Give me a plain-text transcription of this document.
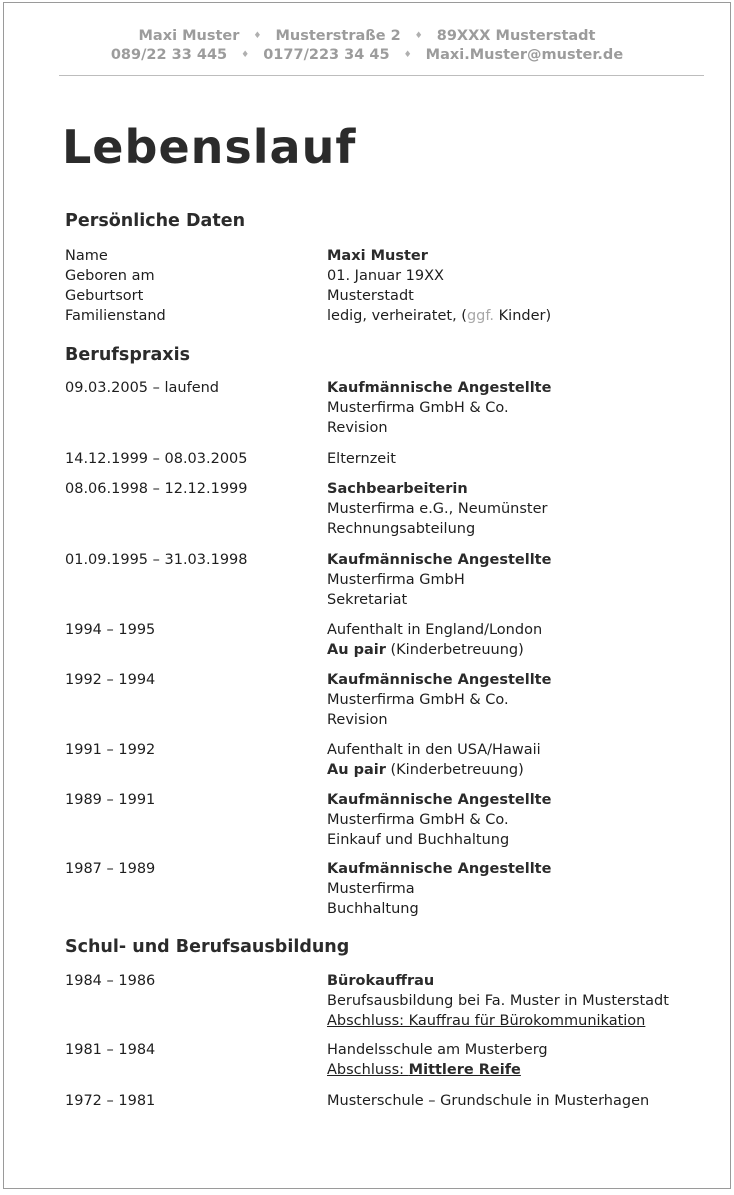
Maxi Muster ♦ Musterstraße 2 ♦ 89XXX Musterstadt
089/22 33 445 ♦ 0177/223 34 45 ♦ Maxi.Muster@muster.de
Lebenslauf
Persönliche Daten
Name	Maxi Muster
Geboren am	01. Januar 19XX
Geburtsort	Musterstadt
Familienstand	ledig, verheiratet, (ggf. Kinder)
Berufspraxis
09.03.2005 – laufend	Kaufmännische Angestellte
Musterfirma GmbH & Co.
Revision
14.12.1999 – 08.03.2005	Elternzeit
08.06.1998 – 12.12.1999	Sachbearbeiterin
Musterfirma e.G., Neumünster
Rechnungsabteilung
01.09.1995 – 31.03.1998	Kaufmännische Angestellte
Musterfirma GmbH
Sekretariat
1994 – 1995	Aufenthalt in England/London
Au pair (Kinderbetreuung)
1992 – 1994	Kaufmännische Angestellte
Musterfirma GmbH & Co.
Revision
1991 – 1992	Aufenthalt in den USA/Hawaii
Au pair (Kinderbetreuung)
1989 – 1991	Kaufmännische Angestellte
Musterfirma GmbH & Co.
Einkauf und Buchhaltung
1987 – 1989	Kaufmännische Angestellte
Musterfirma
Buchhaltung
Schul- und Berufsausbildung
1984 – 1986	Bürokauffrau
Berufsausbildung bei Fa. Muster in Musterstadt
Abschluss: Kauffrau für Bürokommunikation
1981 – 1984	Handelsschule am Musterberg
Abschluss: Mittlere Reife
1972 – 1981	Musterschule – Grundschule in Musterhagen
